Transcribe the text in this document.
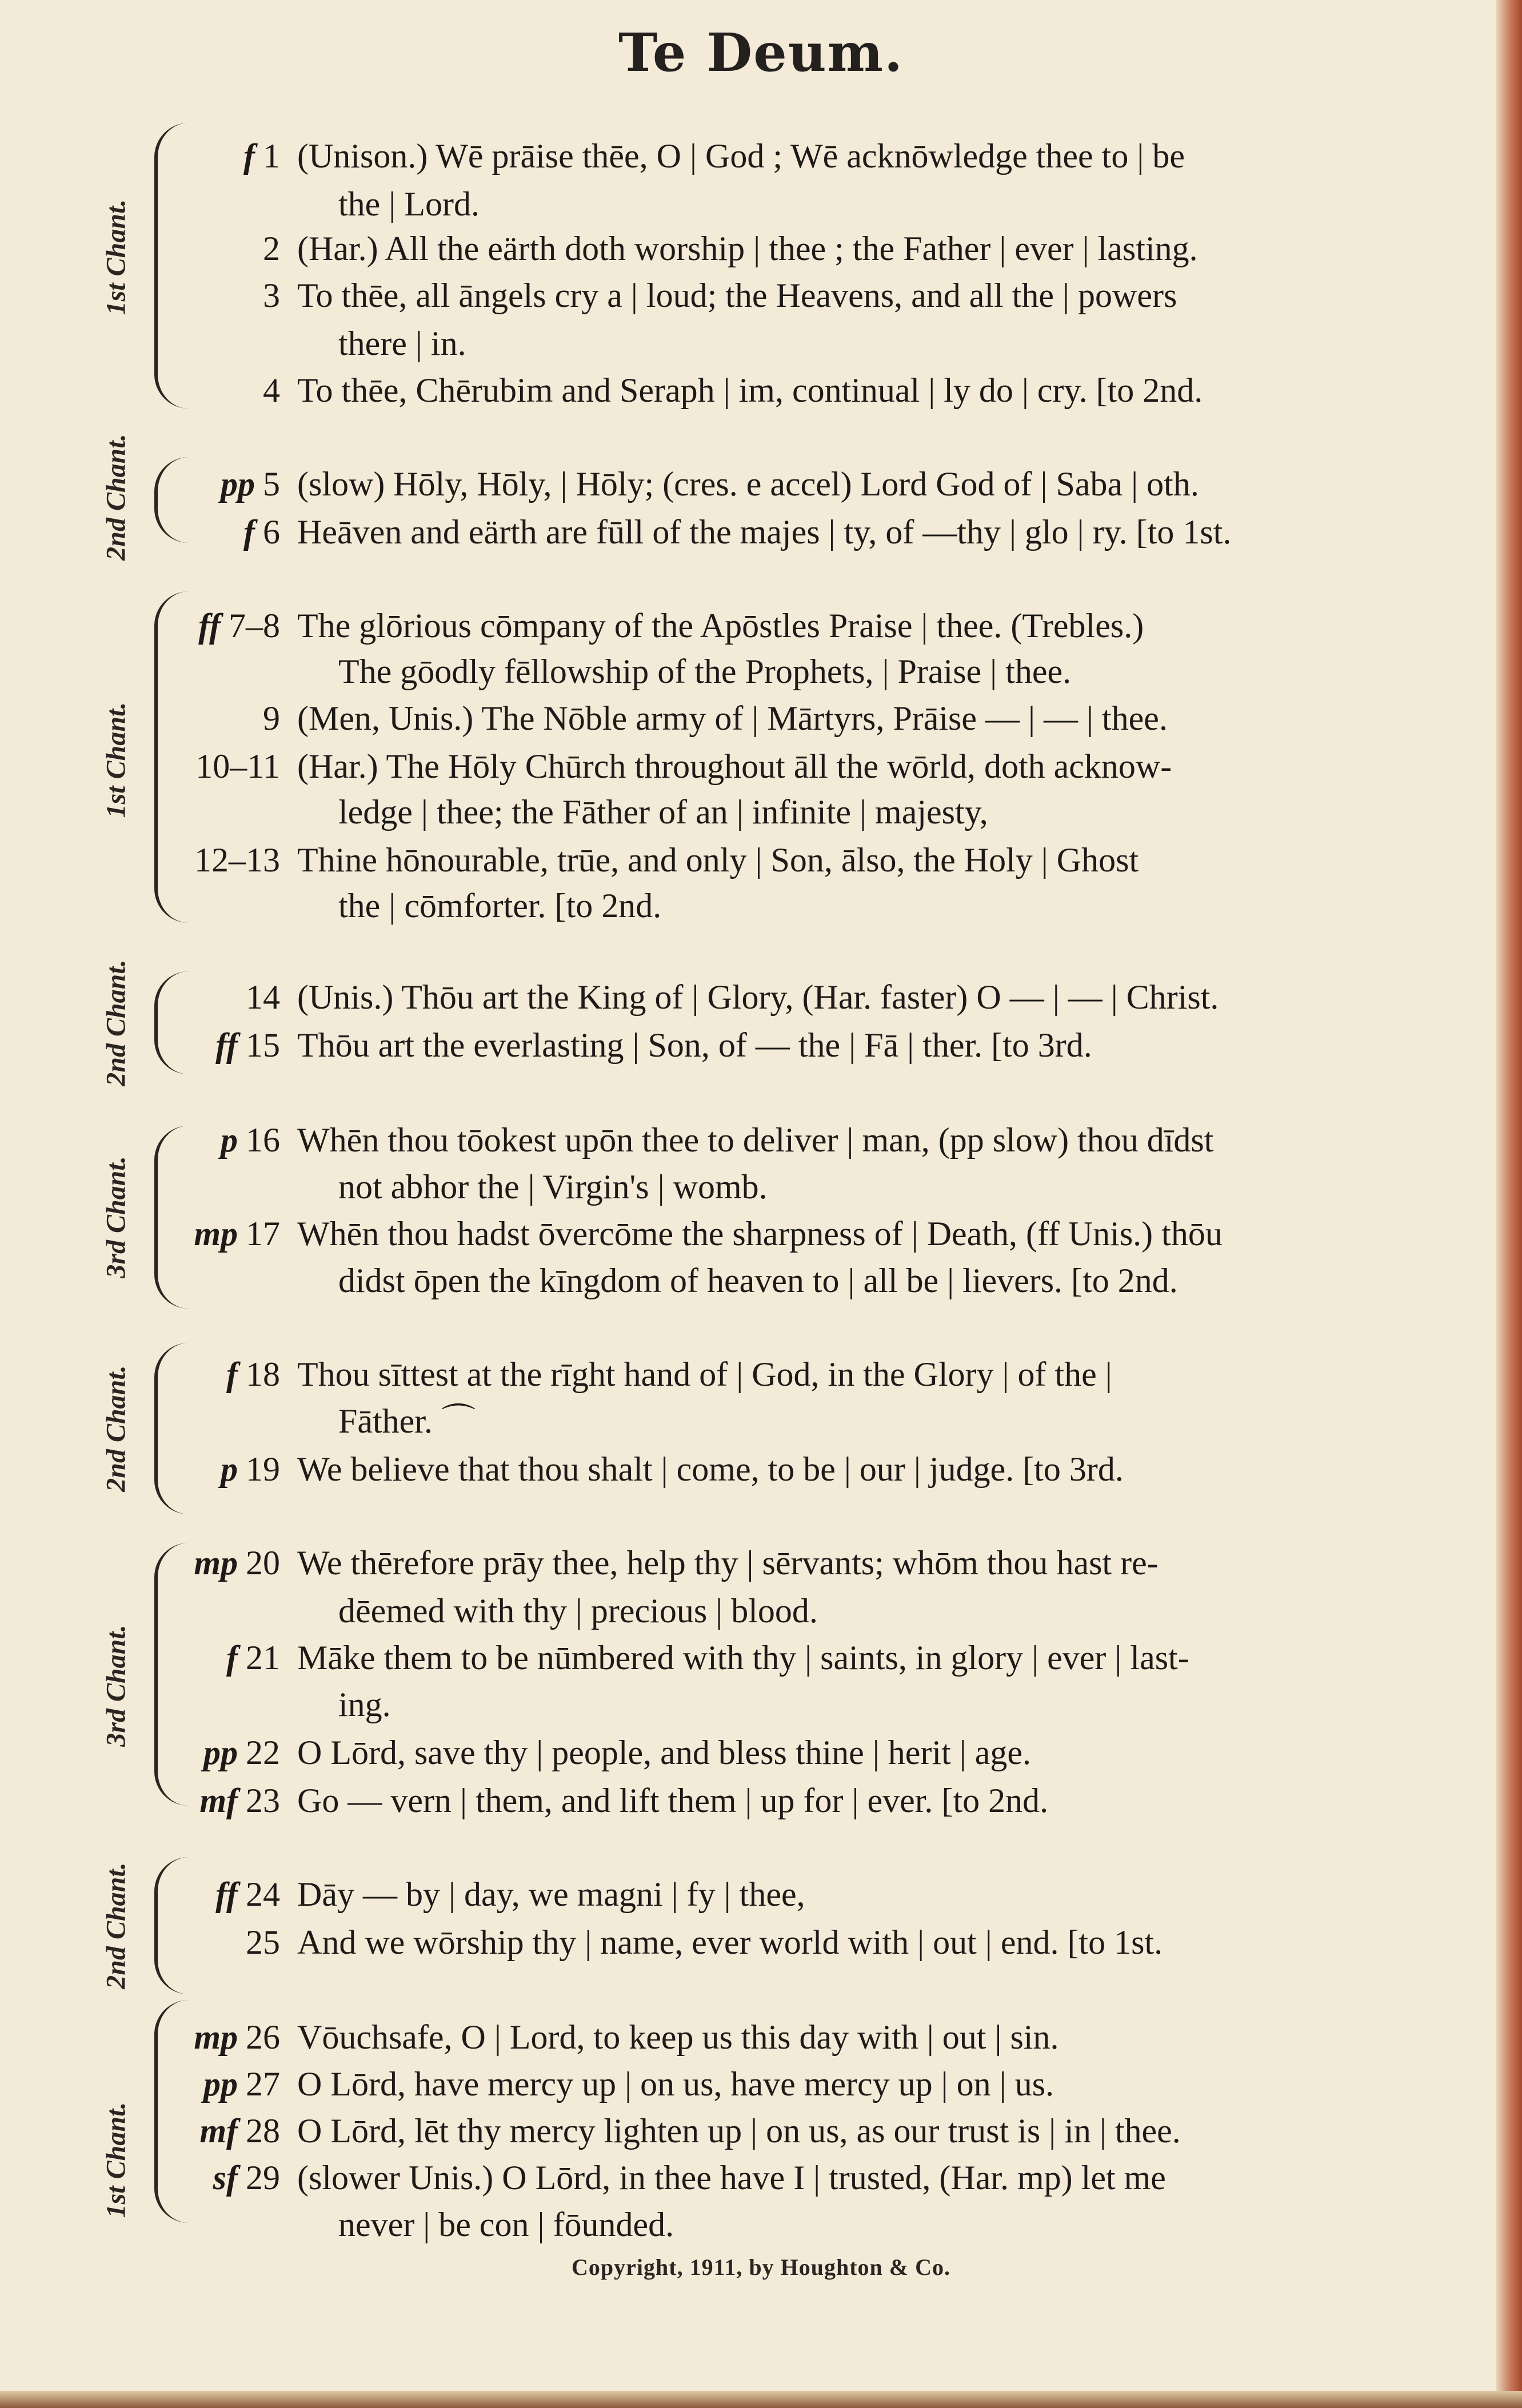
Te Deum.
1st Chant.
2nd Chant.
1st Chant.
2nd Chant.
3rd Chant.
2nd Chant.
3rd Chant.
2nd Chant.
1st Chant.
f 1 (Unison.) Wē prāise thēe, O | God ; Wē acknōwledge thee to | be
the | Lord.
2 (Har.) All the eärth doth worship | thee ; the Father | ever | lasting.
3 To thēe, all āngels cry a | loud; the Heavens, and all the | powers
there | in.
4 To thēe, Chērubim and Seraph | im, continual | ly do | cry. [to 2nd.
pp 5 (slow) Hōly, Hōly, | Hōly; (cres. e accel) Lord God of | Saba | oth.
f 6 Heāven and eärth are fūll of the majes | ty, of —thy | glo | ry. [to 1st.
ff 7–8 The glōrious cōmpany of the Apōstles Praise | thee. (Trebles.)
The gōodly fēllowship of the Prophets, | Praise | thee.
9 (Men, Unis.) The Nōble army of | Mārtyrs, Prāise — | — | thee.
10–11 (Har.) The Hōly Chūrch throughout āll the wōrld, doth acknow-
ledge | thee; the Fāther of an | infinite | majesty,
12–13 Thine hōnourable, trūe, and only | Son, ālso, the Holy | Ghost
the | cōmforter. [to 2nd.
14 (Unis.) Thōu art the King of | Glory, (Har. faster) O — | — | Christ.
ff 15 Thōu art the everlasting | Son, of — the | Fā | ther. [to 3rd.
p 16 Whēn thou tōokest upōn thee to deliver | man, (pp slow) thou dīdst
not abhor the | Virgin's | womb.
mp 17 Whēn thou hadst ōvercōme the sharpness of | Death, (ff Unis.) thōu
didst ōpen the kīngdom of heaven to | all be | lievers. [to 2nd.
f 18 Thou sīttest at the rīght hand of | God, in the Glory | of the |
Fāther. ⌒
p 19 We believe that thou shalt | come, to be | our | judge. [to 3rd.
mp 20 We thērefore prāy thee, help thy | sērvants; whōm thou hast re-
dēemed with thy | precious | blood.
f 21 Māke them to be nūmbered with thy | saints, in glory | ever | last-
ing.
pp 22 O Lōrd, save thy | people, and bless thine | herit | age.
mf 23 Go — vern | them, and lift them | up for | ever. [to 2nd.
ff 24 Dāy — by | day, we magni | fy | thee,
25 And we wōrship thy | name, ever world with | out | end. [to 1st.
mp 26 Vōuchsafe, O | Lord, to keep us this day with | out | sin.
pp 27 O Lōrd, have mercy up | on us, have mercy up | on | us.
mf 28 O Lōrd, lēt thy mercy lighten up | on us, as our trust is | in | thee.
sf 29 (slower Unis.) O Lōrd, in thee have I | trusted, (Har. mp) let me
never | be con | fōunded.
Copyright, 1911, by Houghton & Co.
